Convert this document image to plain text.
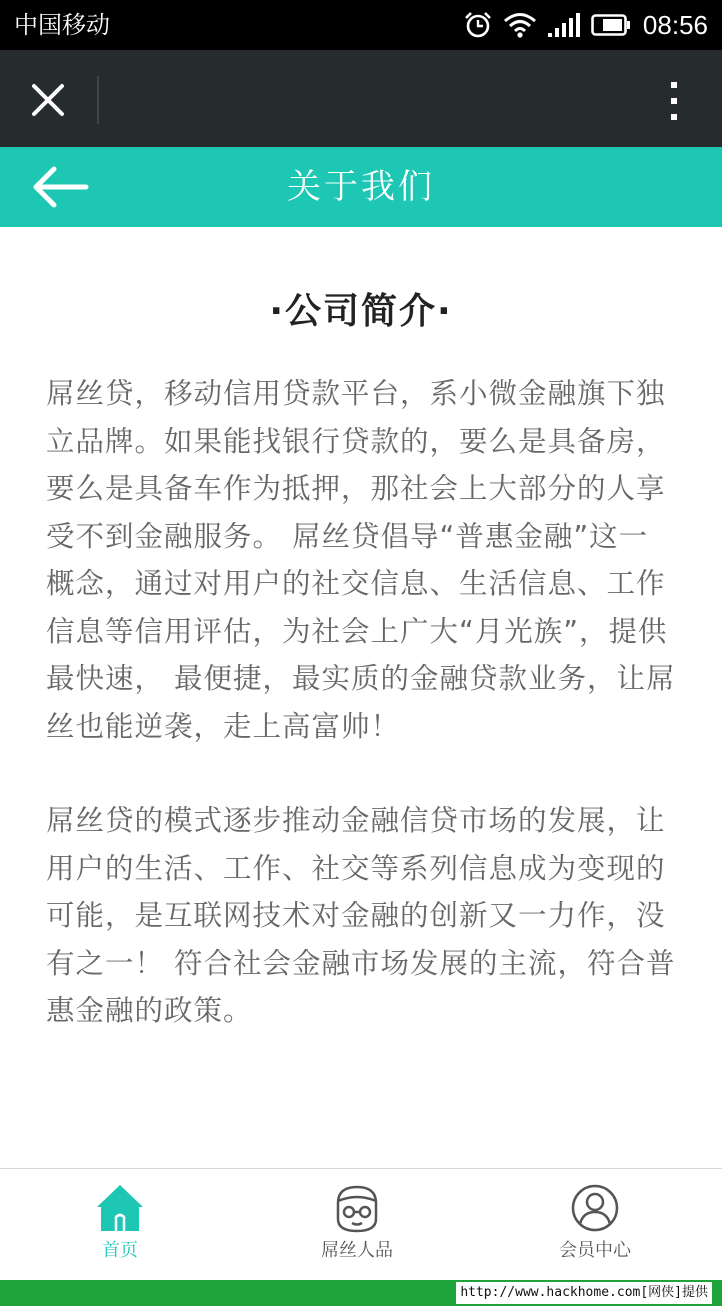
中国移动	08:56
关于我们
·公司简介·

屌丝贷，移动信用贷款平台，系小微金融旗下独立品牌。如果能找银行贷款的，要么是具备房，要么是具备车作为抵押，那社会上大部分的人享受不到金融服务。 屌丝贷倡导“普惠金融”这一概念，通过对用户的社交信息、生活信息、工作信息等信用评估，为社会上广大“月光族”，提供最快速， 最便捷，最实质的金融贷款业务，让屌丝也能逆袭，走上高富帅！

屌丝贷的模式逐步推动金融信贷市场的发展，让用户的生活、工作、社交等系列信息成为变现的可能，是互联网技术对金融的创新又一力作，没有之一！ 符合社会金融市场发展的主流，符合普惠金融的政策。

首页	屌丝人品	会员中心
http://www.hackhome.com[网侠]提供
